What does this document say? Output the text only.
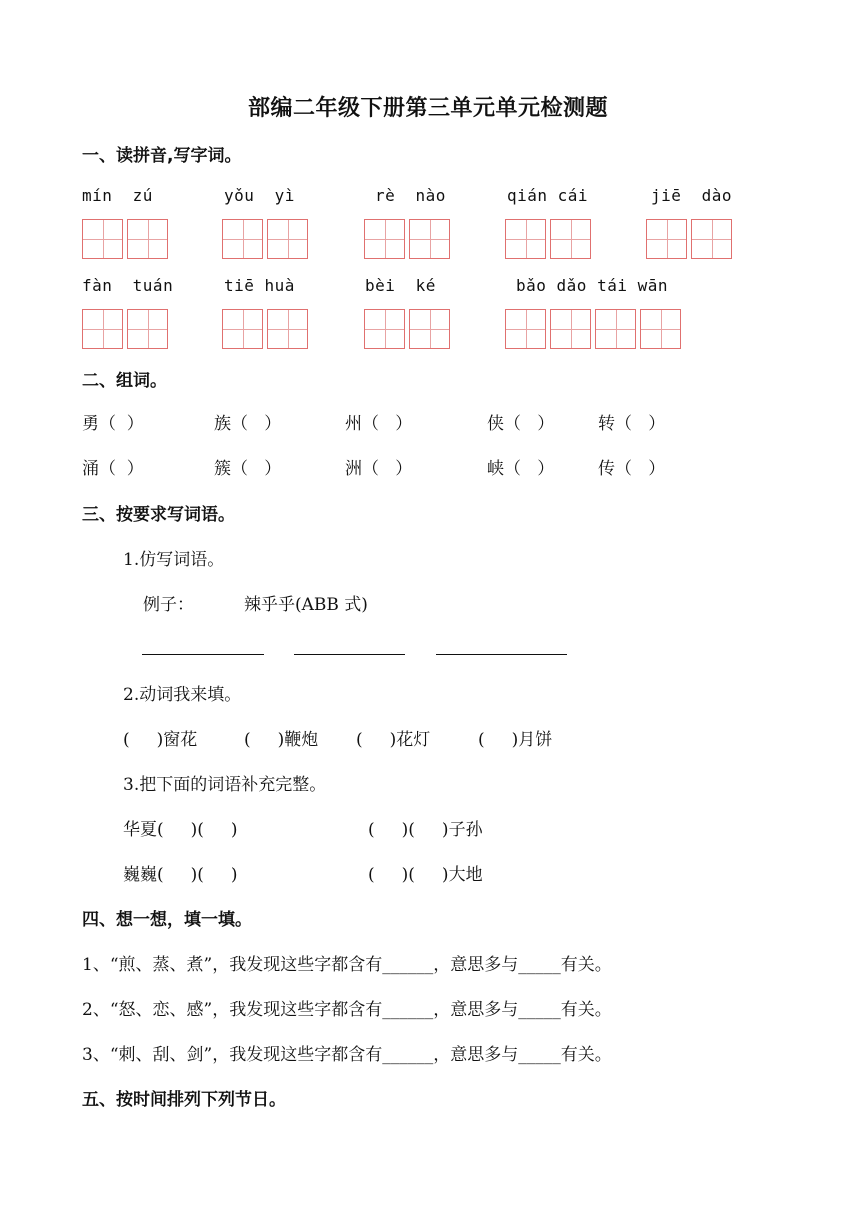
部编二年级下册第三单元单元检测题
一、读拼音,写字词。
mín  zú	yǒu  yì	rè  nào	qián cái	jiē  dào
fàn  tuán	tiē huà	bèi  ké	bǎo dǎo tái wān
二、组词。
勇（  ）	族（   ）	州（   ）	侠（   ）	转（   ）
涌（  ）	簇（   ）	洲（   ）	峡（   ）	传（   ）
三、按要求写词语。
1.仿写词语。
例子：	辣乎乎(ABB 式)
2.动词我来填。
(     )窗花	(     )鞭炮 (     )花灯	(     )月饼
3.把下面的词语补充完整。
华夏(     )(     )	(     )(     )子孙
巍巍(     )(     )	(     )(     )大地
四、想一想，填一填。
1、“煎、蒸、煮”，我发现这些字都含有______，意思多与_____有关。
2、“怒、恋、感”，我发现这些字都含有______，意思多与_____有关。
3、“刺、刮、剑”，我发现这些字都含有______，意思多与_____有关。
五、按时间排列下列节日。
